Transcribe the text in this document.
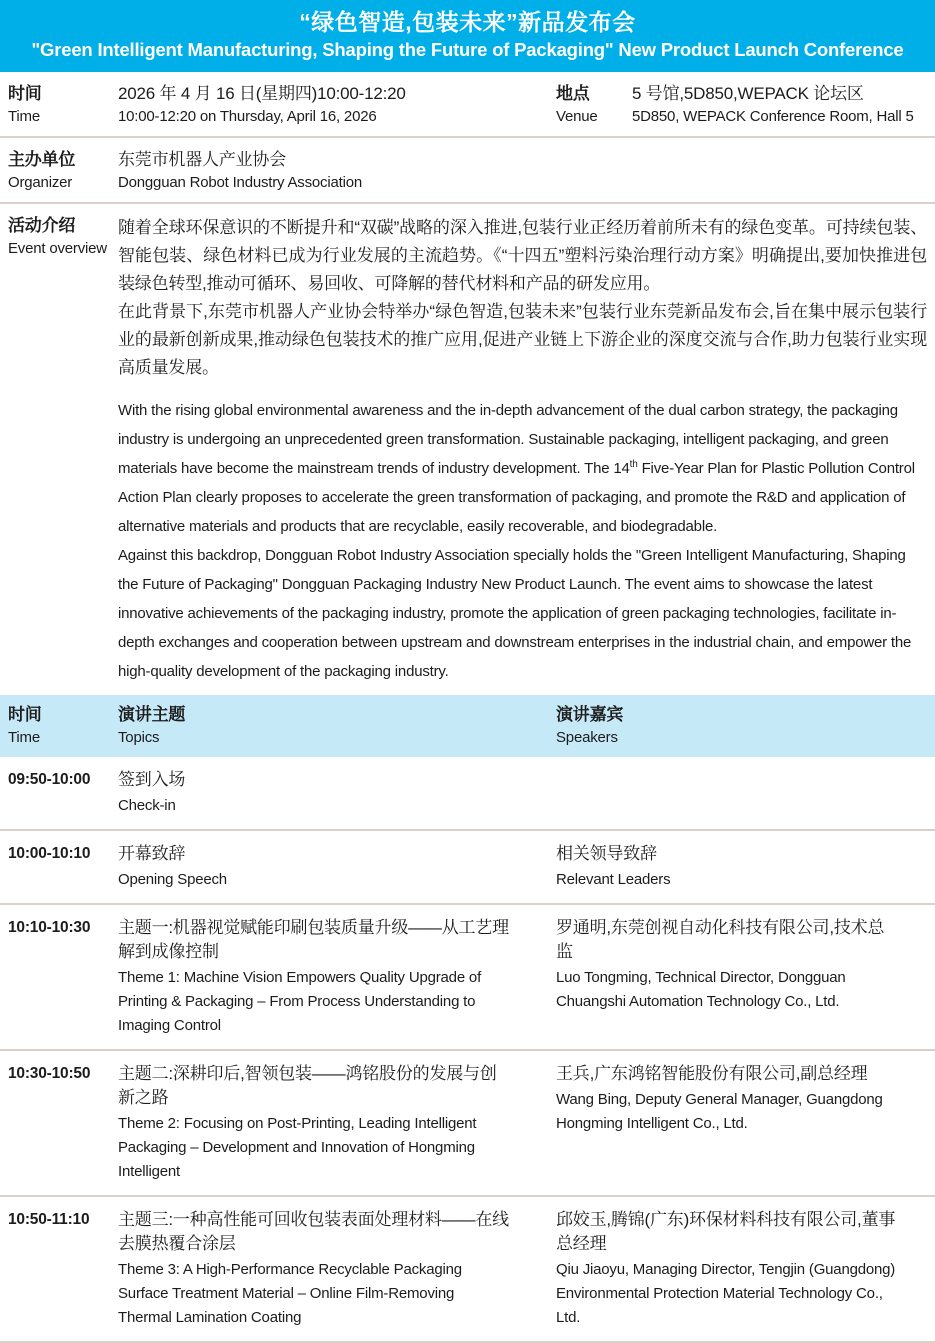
“绿色智造,包装未来”新品发布会
"Green Intelligent Manufacturing, Shaping the Future of Packaging" New Product Launch Conference
时间
Time
2026 年 4 月 16 日(星期四)10:00-12:20
10:00-12:20 on Thursday, April 16, 2026
地点
Venue
5 号馆,5D850,WEPACK 论坛区
5D850, WEPACK Conference Room, Hall 5
主办单位
Organizer
东莞市机器人产业协会
Dongguan Robot Industry Association
活动介绍
Event overview

随着全球环保意识的不断提升和“双碳”战略的深入推进,包装行业正经历着前所未有的绿色变革。可持续包装、智能包装、绿色材料已成为行业发展的主流趋势。《“十四五”塑料污染治理行动方案》明确提出,要加快推进包装绿色转型,推动可循环、易回收、可降解的替代材料和产品的研发应用。

在此背景下,东莞市机器人产业协会特举办“绿色智造,包装未来”包装行业东莞新品发布会,旨在集中展示包装行业的最新创新成果,推动绿色包装技术的推广应用,促进产业链上下游企业的深度交流与合作,助力包装行业实现高质量发展。

With the rising global environmental awareness and the in-depth advancement of the dual carbon strategy, the packaging industry is undergoing an unprecedented green transformation. Sustainable packaging, intelligent packaging, and green materials have become the mainstream trends of industry development. The 14th Five-Year Plan for Plastic Pollution Control Action Plan clearly proposes to accelerate the green transformation of packaging, and promote the R&D and application of alternative materials and products that are recyclable, easily recoverable, and biodegradable.

Against this backdrop, Dongguan Robot Industry Association specially holds the "Green Intelligent Manufacturing, Shaping the Future of Packaging" Dongguan Packaging Industry New Product Launch. The event aims to showcase the latest innovative achievements of the packaging industry, promote the application of green packaging technologies, facilitate in-depth exchanges and cooperation between upstream and downstream enterprises in the industrial chain, and empower the high-quality development of the packaging industry.

时间
Time
演讲主题
Topics
演讲嘉宾
Speakers
09:50-10:00	签到入场
Check-in
10:00-10:10	开幕致辞
Opening Speech
相关领导致辞
Relevant Leaders
10:10-10:30	主题一:机器视觉赋能印刷包装质量升级——从工艺理解到成像控制
Theme 1: Machine Vision Empowers Quality Upgrade of Printing & Packaging – From Process Understanding to Imaging Control
罗通明,东莞创视自动化科技有限公司,技术总监
Luo Tongming, Technical Director, Dongguan Chuangshi Automation Technology Co., Ltd.
10:30-10:50	主题二:深耕印后,智领包装——鸿铭股份的发展与创新之路
Theme 2: Focusing on Post-Printing, Leading Intelligent Packaging – Development and Innovation of Hongming Intelligent
王兵,广东鸿铭智能股份有限公司,副总经理
Wang Bing, Deputy General Manager, Guangdong Hongming Intelligent Co., Ltd.
10:50-11:10	主题三:一种高性能可回收包装表面处理材料——在线去膜热覆合涂层
Theme 3: A High-Performance Recyclable Packaging Surface Treatment Material – Online Film-Removing Thermal Lamination Coating
邱姣玉,腾锦(广东)环保材料科技有限公司,董事总经理
Qiu Jiaoyu, Managing Director, Tengjin (Guangdong) Environmental Protection Material Technology Co., Ltd.
